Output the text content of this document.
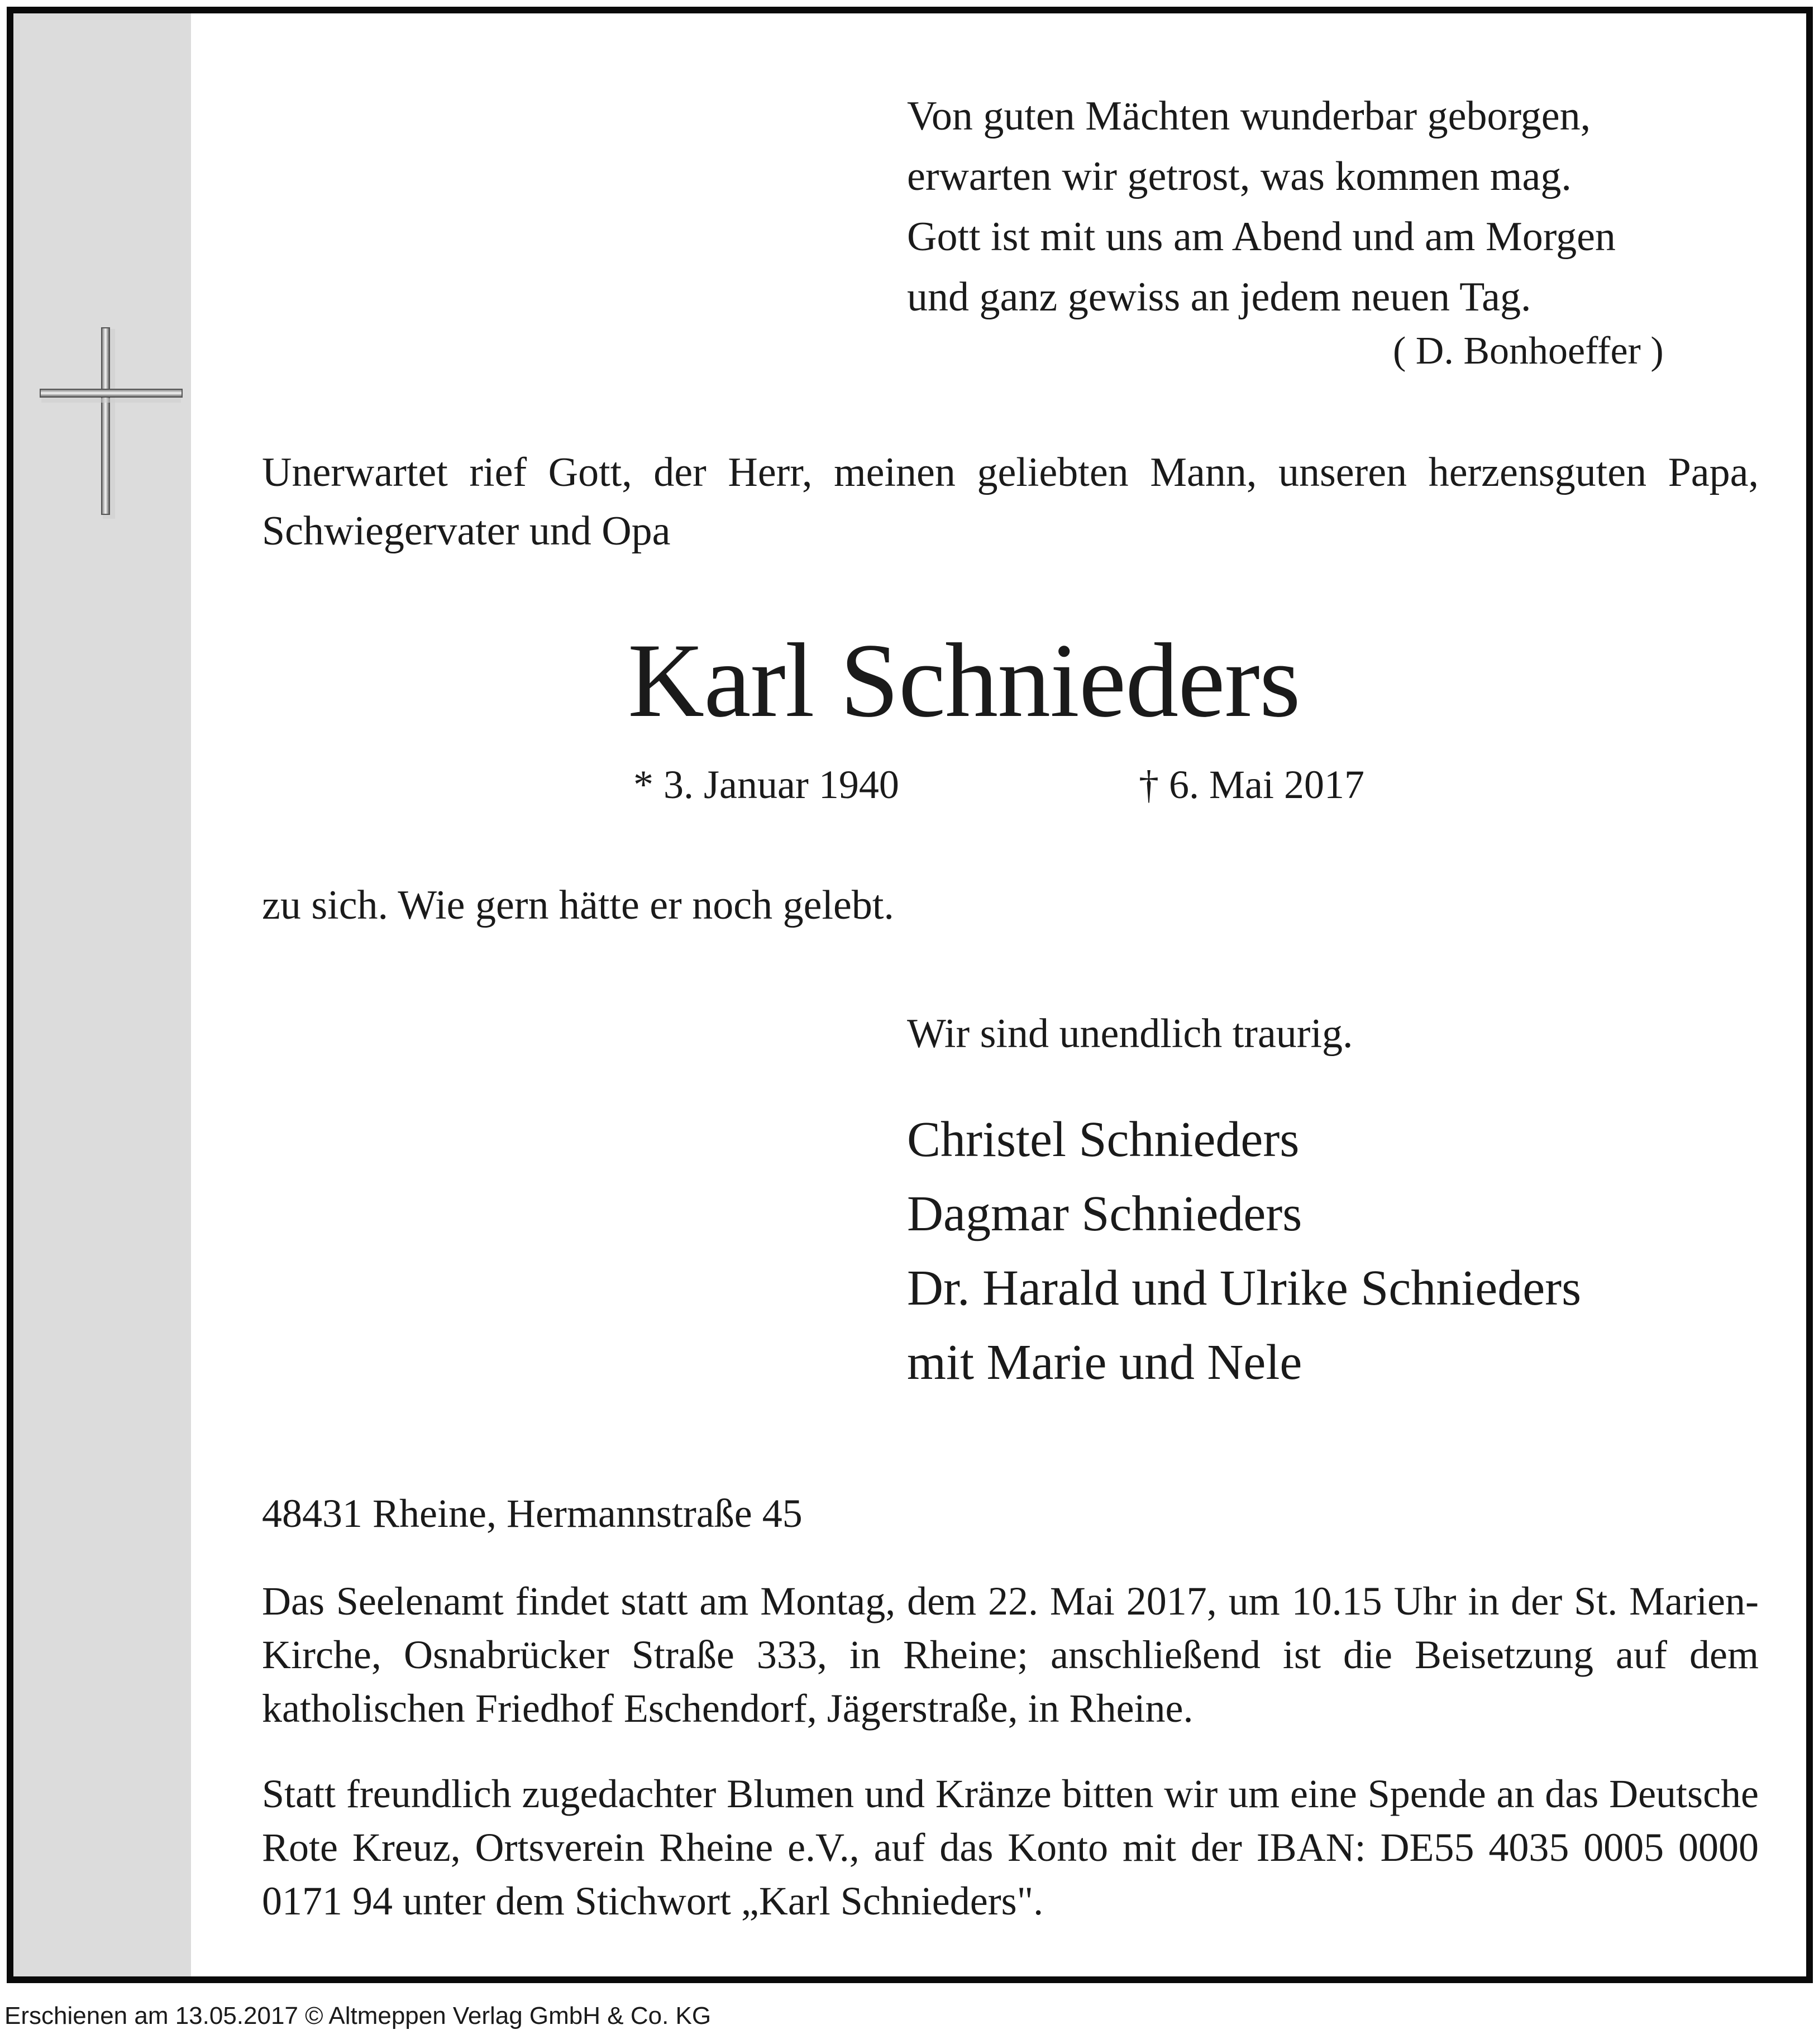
Von guten Mächten wunderbar geborgen,
erwarten wir getrost, was kommen mag.
Gott ist mit uns am Abend und am Morgen
und ganz gewiss an jedem neuen Tag.
( D. Bonhoeffer )

Unerwartet rief Gott, der Herr, meinen geliebten Mann, unseren herzensguten Papa, Schwiegervater und Opa

Karl Schnieders
* 3. Januar 1940	† 6. Mai 2017
zu sich. Wie gern hätte er noch gelebt.
Wir sind unendlich traurig.
Christel Schnieders
Dagmar Schnieders
Dr. Harald und Ulrike Schnieders
mit Marie und Nele
48431 Rheine, Hermannstraße 45

Das Seelenamt findet statt am Montag, dem 22. Mai 2017, um 10.15 Uhr in der St. Marien-Kirche, Osnabrücker Straße 333, in Rheine; anschließend ist die Beisetzung auf dem katholischen Friedhof Eschendorf, Jägerstraße, in Rheine.

Statt freundlich zugedachter Blumen und Kränze bitten wir um eine Spende an das Deutsche Rote Kreuz, Ortsverein Rheine e.V., auf das Konto mit der IBAN: DE55 4035 0005 0000 0171 94 unter dem Stichwort „Karl Schnieders".

Erschienen am 13.05.2017 © Altmeppen Verlag GmbH & Co. KG
